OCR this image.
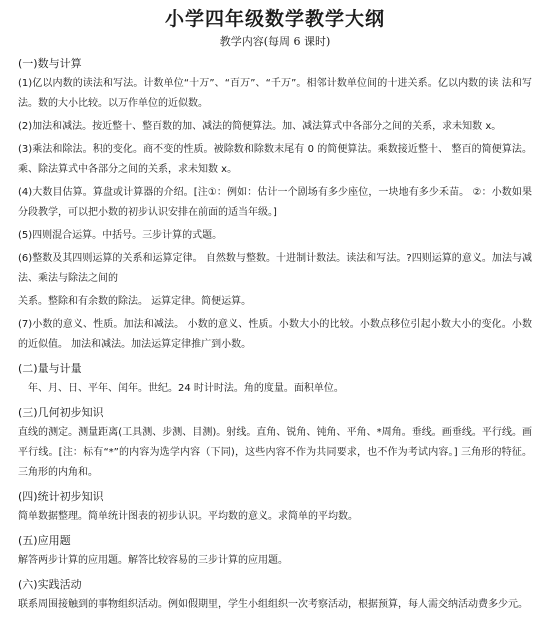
小学四年级数学教学大纲
教学内容(每周 6 课时)
(一)数与计算

(1)亿以内数的读法和写法。计数单位“十万”、“百万”、“千万”。相邻计数单位间的十进关系。亿以内数的读 法和写法。数的大小比较。以万作单位的近似数。

(2)加法和减法。按近整十、整百数的加、减法的简便算法。加、减法算式中各部分之间的关系，求未知数 x。

(3)乘法和除法。积的变化。商不变的性质。被除数和除数末尾有 0 的简便算法。乘数接近整十、 整百的简便算法。乘、除法算式中各部分之间的关系，求未知数 x。

(4)大数目估算。算盘或计算器的介绍。[注①：例如：估计一个剧场有多少座位，一块地有多少禾苗。 ②：小数如果分段教学，可以把小数的初步认识安排在前面的适当年级。]

(5)四则混合运算。中括号。三步计算的式题。

(6)整数及其四则运算的关系和运算定律。 自然数与整数。十进制计数法。读法和写法。?四则运算的意义。加法与减法、乘法与除法之间的

关系。整除和有余数的除法。 运算定律。简便运算。

(7)小数的意义、性质。加法和减法。 小数的意义、性质。小数大小的比较。小数点移位引起小数大小的变化。小数的近似值。 加法和减法。加法运算定律推广到小数。

(二)量与计量

年、月、日、平年、闰年。世纪。24 时计时法。角的度量。面积单位。

(三)几何初步知识

直线的测定。测量距离(工具测、步测、目测)。射线。直角、锐角、钝角、平角、*周角。垂线。画垂线。平行线。画平行线。[注：标有“*”的内容为选学内容（下同)，这些内容不作为共同要求，也不作为考试内容。] 三角形的特征。三角形的内角和。

(四)统计初步知识

简单数据整理。简单统计图表的初步认识。平均数的意义。求简单的平均数。

(五)应用题

解答两步计算的应用题。解答比较容易的三步计算的应用题。

(六)实践活动

联系周围接触到的事物组织活动。例如假期里，学生小组组织一次考察活动，根据预算，每人需交纳活动费多少元。
